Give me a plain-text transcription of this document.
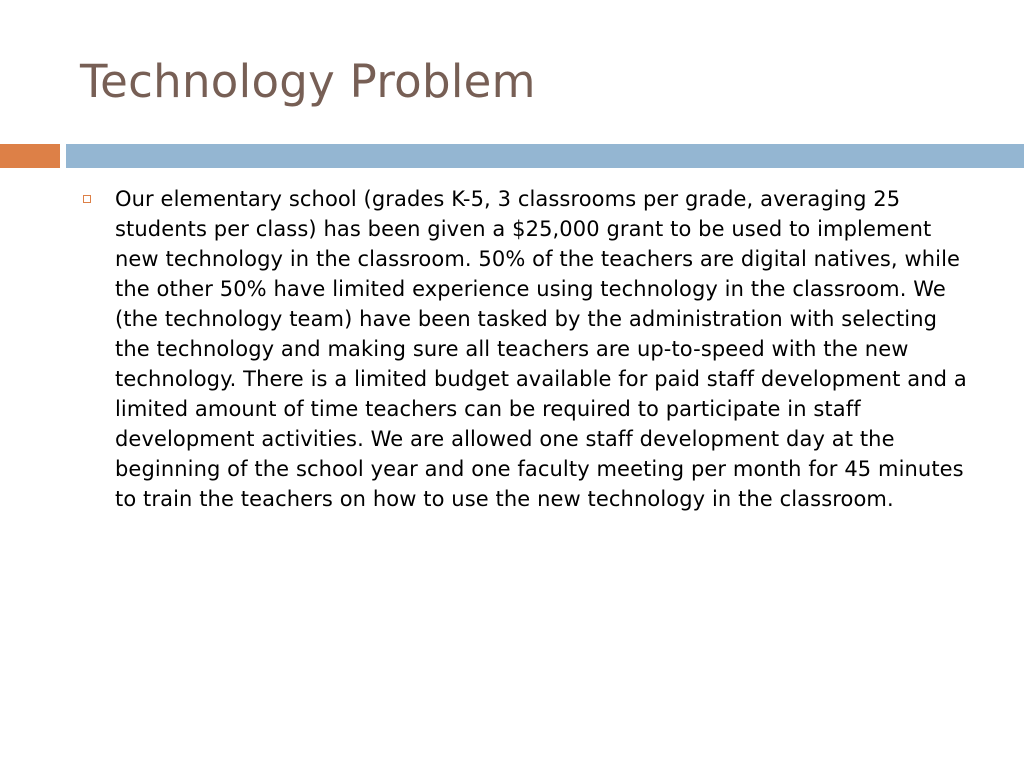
Technology Problem

Our elementary school (grades K-5, 3 classrooms per grade, averaging 25 students per class) has been given a $25,000 grant to be used to implement new technology in the classroom. 50% of the teachers are digital natives, while the other 50% have limited experience using technology in the classroom. We (the technology team) have been tasked by the administration with selecting the technology and making sure all teachers are up-to-speed with the new technology. There is a limited budget available for paid staff development and a limited amount of time teachers can be required to participate in staff development activities. We are allowed one staff development day at the beginning of the school year and one faculty meeting per month for 45 minutes to train the teachers on how to use the new technology in the classroom.
